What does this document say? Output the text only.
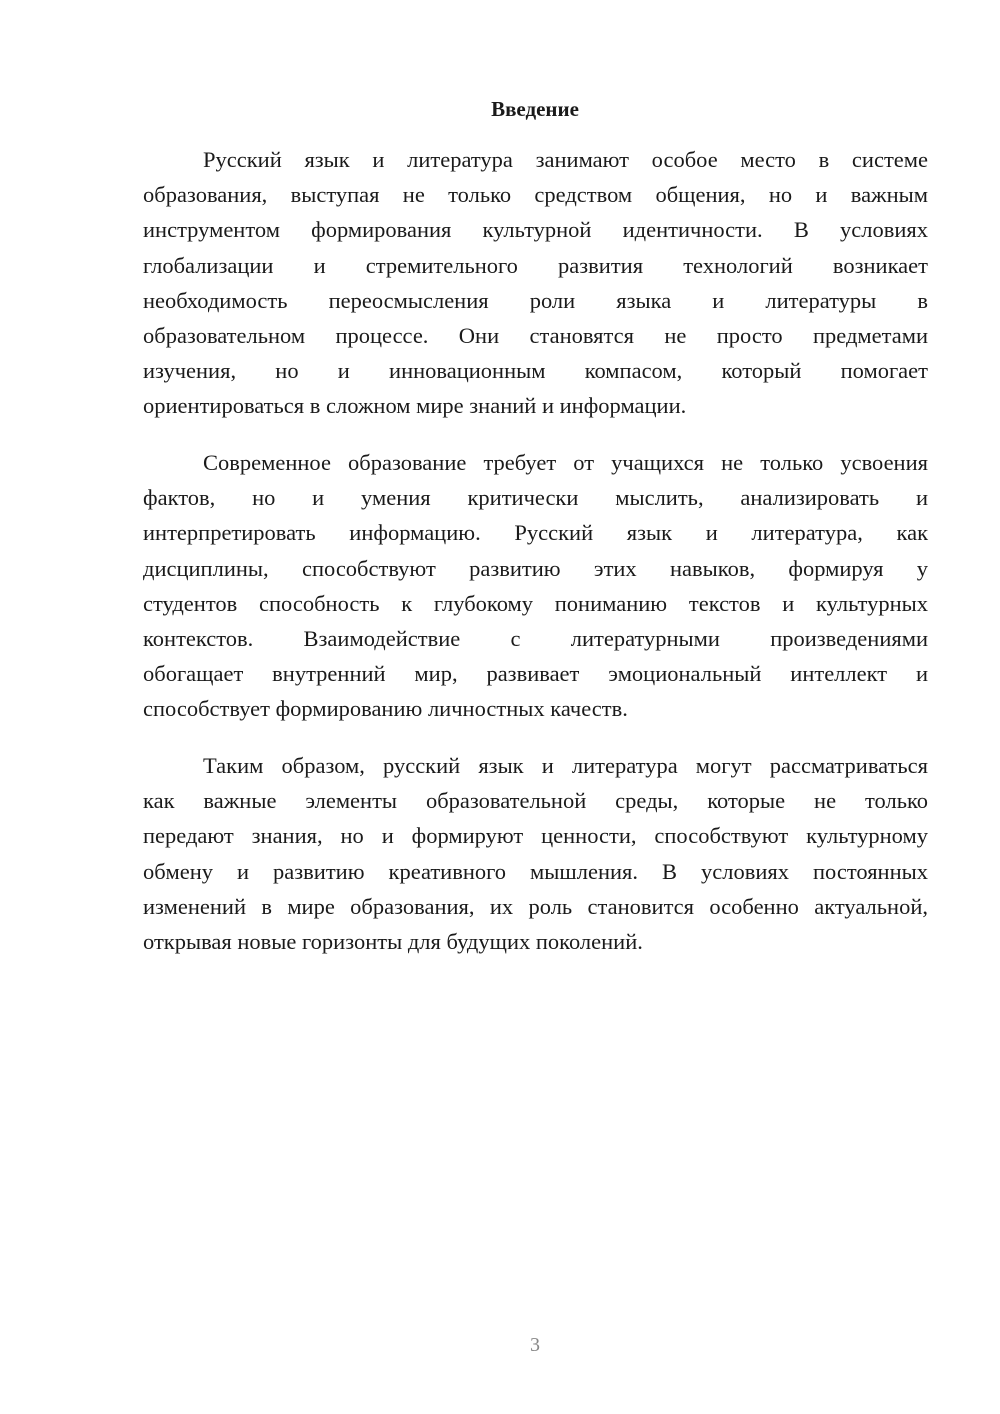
Введение
Русский язык и литература занимают особое место в системе
образования, выступая не только средством общения, но и важным
инструментом формирования культурной идентичности. В условиях
глобализации и стремительного развития технологий возникает
необходимость переосмысления роли языка и литературы в
образовательном процессе. Они становятся не просто предметами
изучения, но и инновационным компасом, который помогает
ориентироваться в сложном мире знаний и информации.
Современное образование требует от учащихся не только усвоения
фактов, но и умения критически мыслить, анализировать и
интерпретировать информацию. Русский язык и литература, как
дисциплины, способствуют развитию этих навыков, формируя у
студентов способность к глубокому пониманию текстов и культурных
контекстов. Взаимодействие с литературными произведениями
обогащает внутренний мир, развивает эмоциональный интеллект и
способствует формированию личностных качеств.
Таким образом, русский язык и литература могут рассматриваться
как важные элементы образовательной среды, которые не только
передают знания, но и формируют ценности, способствуют культурному
обмену и развитию креативного мышления. В условиях постоянных
изменений в мире образования, их роль становится особенно актуальной,
открывая новые горизонты для будущих поколений.
3
